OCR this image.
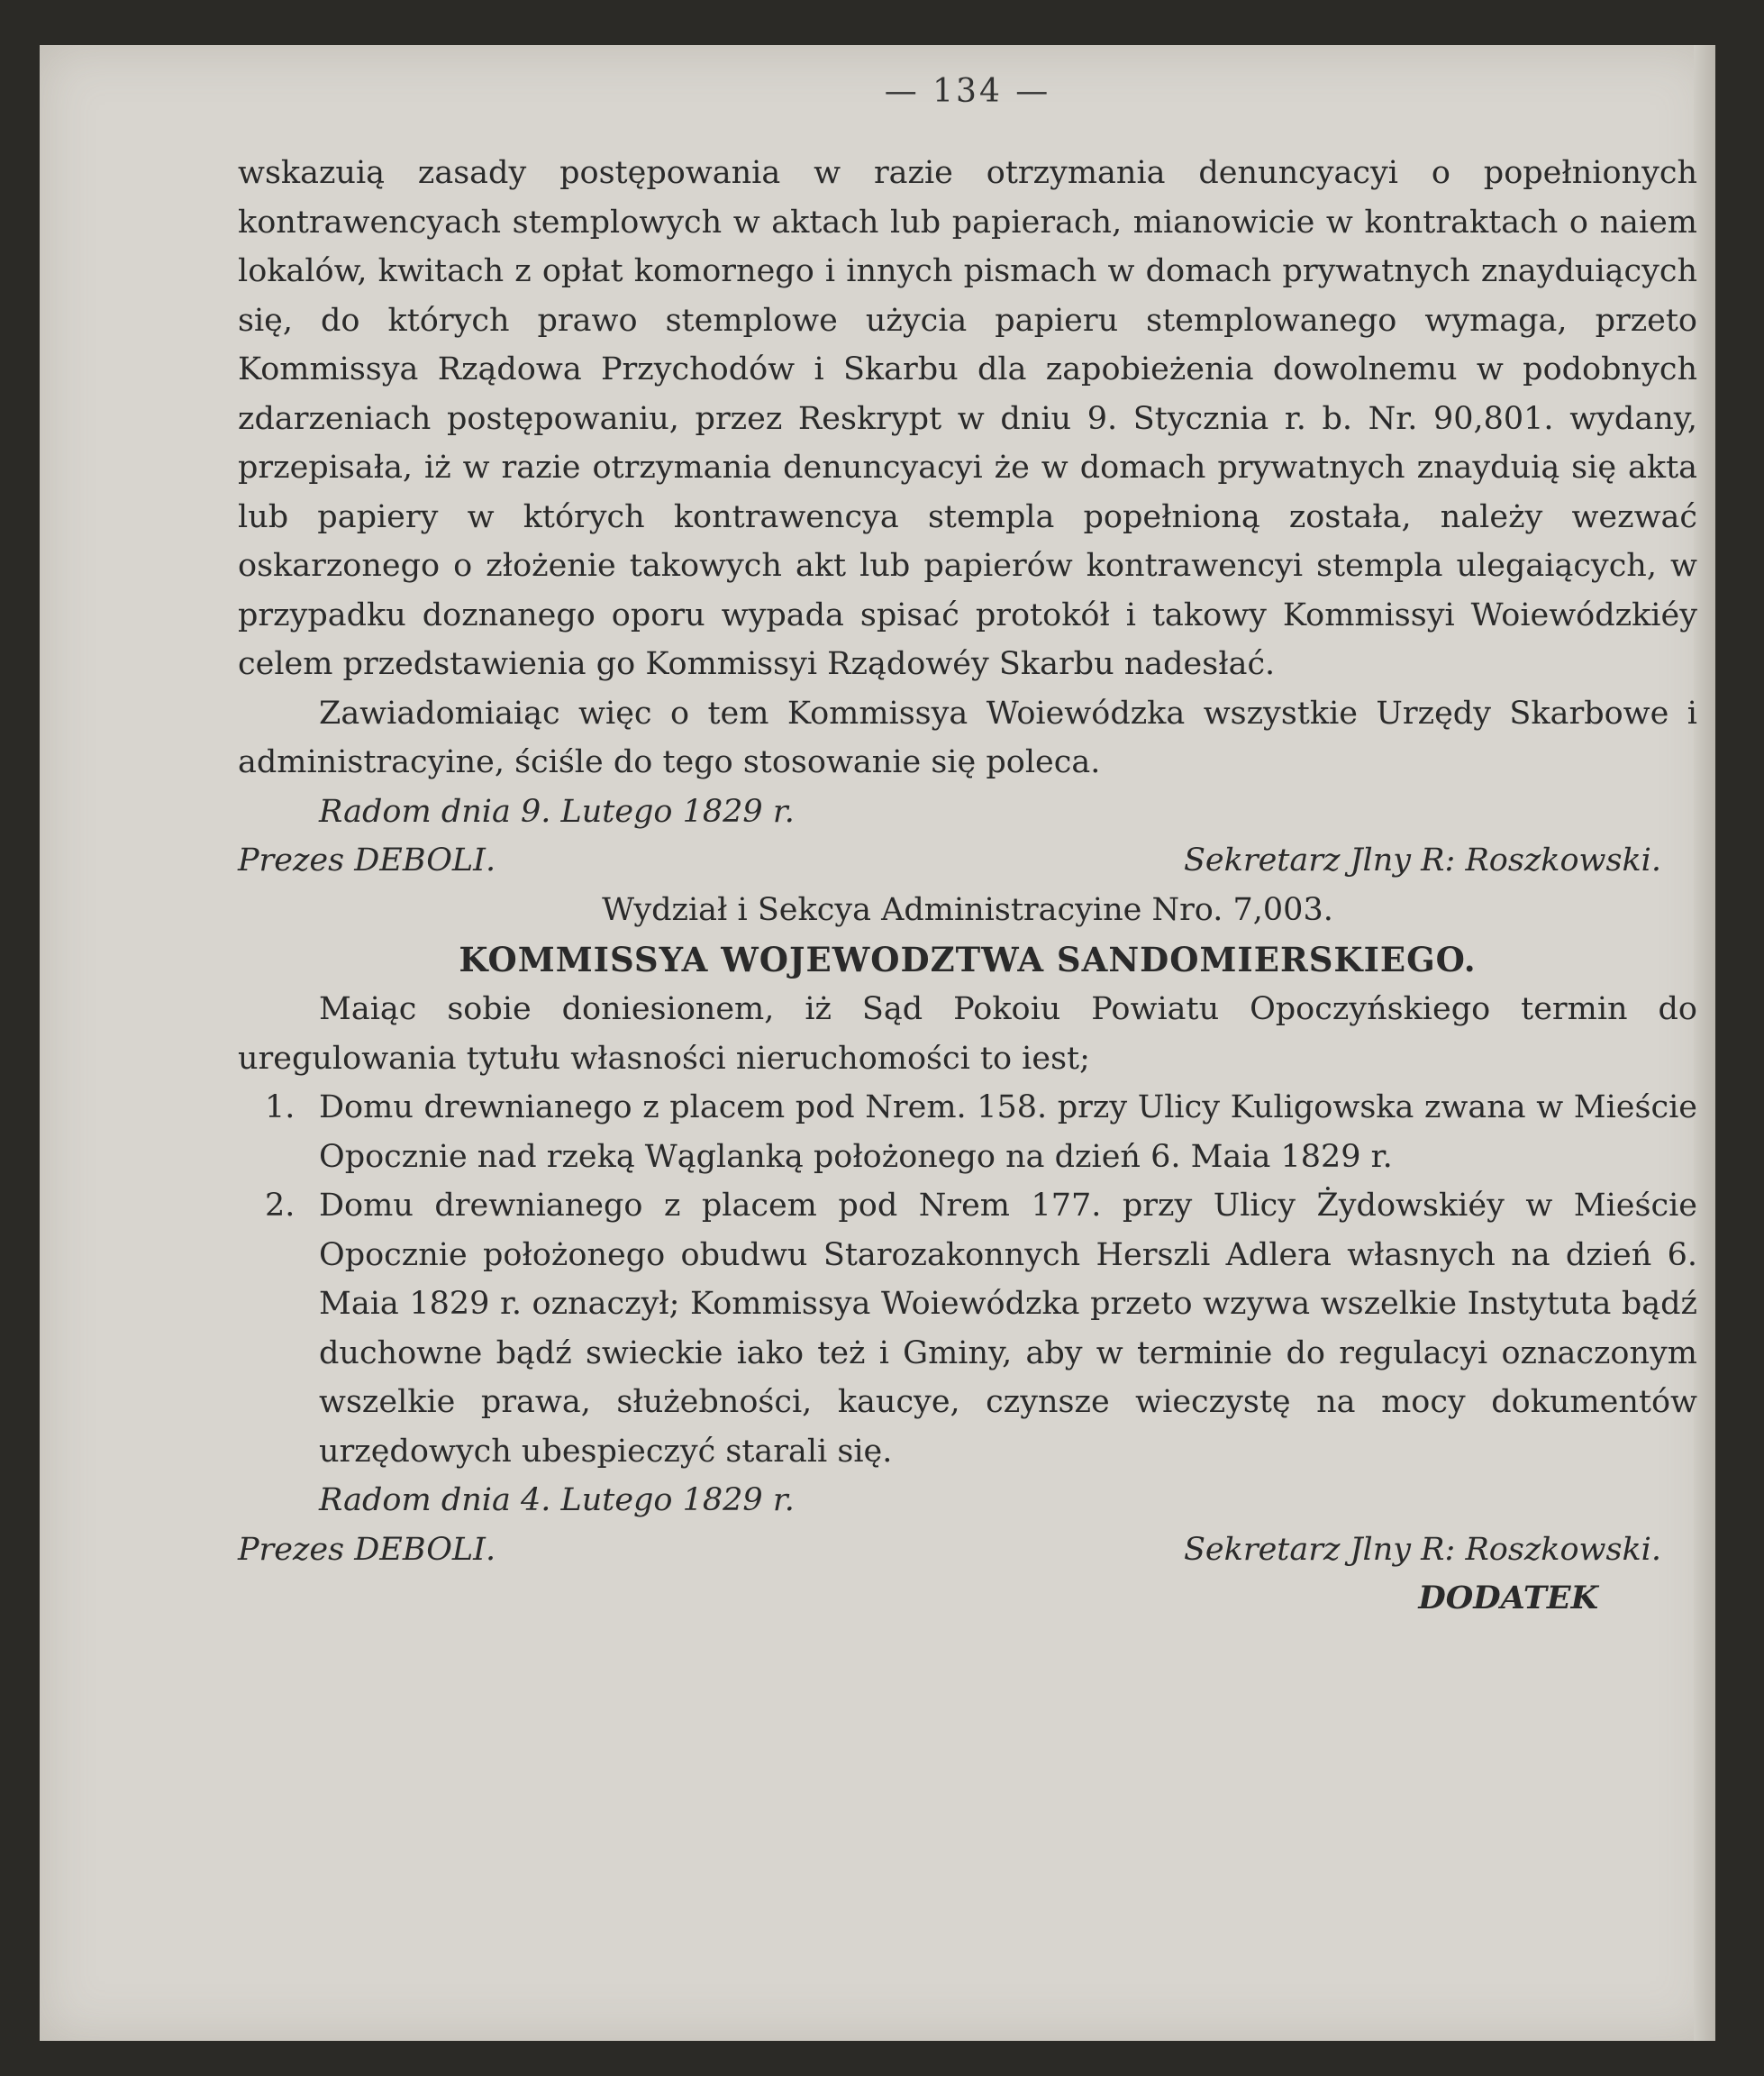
— 134 —

wskazuią zasady postępowania w razie otrzymania denuncyacyi o popełnionych kontrawencyach stemplowych w aktach lub papierach, mianowicie w kontraktach o naiem lokalów, kwitach z opłat komornego i innych pismach w domach prywatnych znayduiących się, do których prawo stemplowe użycia papieru stemplowanego wymaga, przeto Kommissya Rządowa Przychodów i Skarbu dla zapobieżenia dowolnemu w podobnych zdarzeniach postępowaniu, przez Reskrypt w dniu 9. Stycznia r. b. Nr. 90,801. wydany, przepisała, iż w razie otrzymania denuncyacyi że w domach prywatnych znayduią się akta lub papiery w których kontrawencya stempla popełnioną została, należy wezwać oskarzonego o złożenie takowych akt lub papierów kontrawencyi stempla ulegaiących, w przypadku doznanego oporu wypada spisać protokół i takowy Kommissyi Woiewódzkiéy celem przedstawienia go Kommissyi Rządowéy Skarbu nadesłać.

Zawiadomiaiąc więc o tem Kommissya Woiewódzka wszystkie Urzędy Skarbowe i administracyine, ściśle do tego stosowanie się poleca.

Radom dnia 9. Lutego 1829 r.
Prezes DEBOLI.	Sekretarz Jlny R: Roszkowski.

Wydział i Sekcya Administracyine Nro. 7,003.

KOMMISSYA WOJEWODZTWA SANDOMIERSKIEGO.

Maiąc sobie doniesionem, iż Sąd Pokoiu Powiatu Opoczyńskiego termin do uregulowania tytułu własności nieruchomości to iest;

1. Domu drewnianego z placem pod Nrem. 158. przy Ulicy Kuligowska zwana w Mieście Opocznie nad rzeką Wąglanką położonego na dzień 6. Maia 1829 r.

2. Domu drewnianego z placem pod Nrem 177. przy Ulicy Żydowskiéy w Mieście Opocznie położonego obudwu Starozakonnych Herszli Adlera własnych na dzień 6. Maia 1829 r. oznaczył; Kommissya Woiewódzka przeto wzywa wszelkie Instytuta bądź duchowne bądź swieckie iako też i Gminy, aby w terminie do regulacyi oznaczonym wszelkie prawa, służebności, kaucye, czynsze wieczystę na mocy dokumentów urzędowych ubespieczyć starali się.

Radom dnia 4. Lutego 1829 r.
Prezes DEBOLI.	Sekretarz Jlny R: Roszkowski.

DODATEK
